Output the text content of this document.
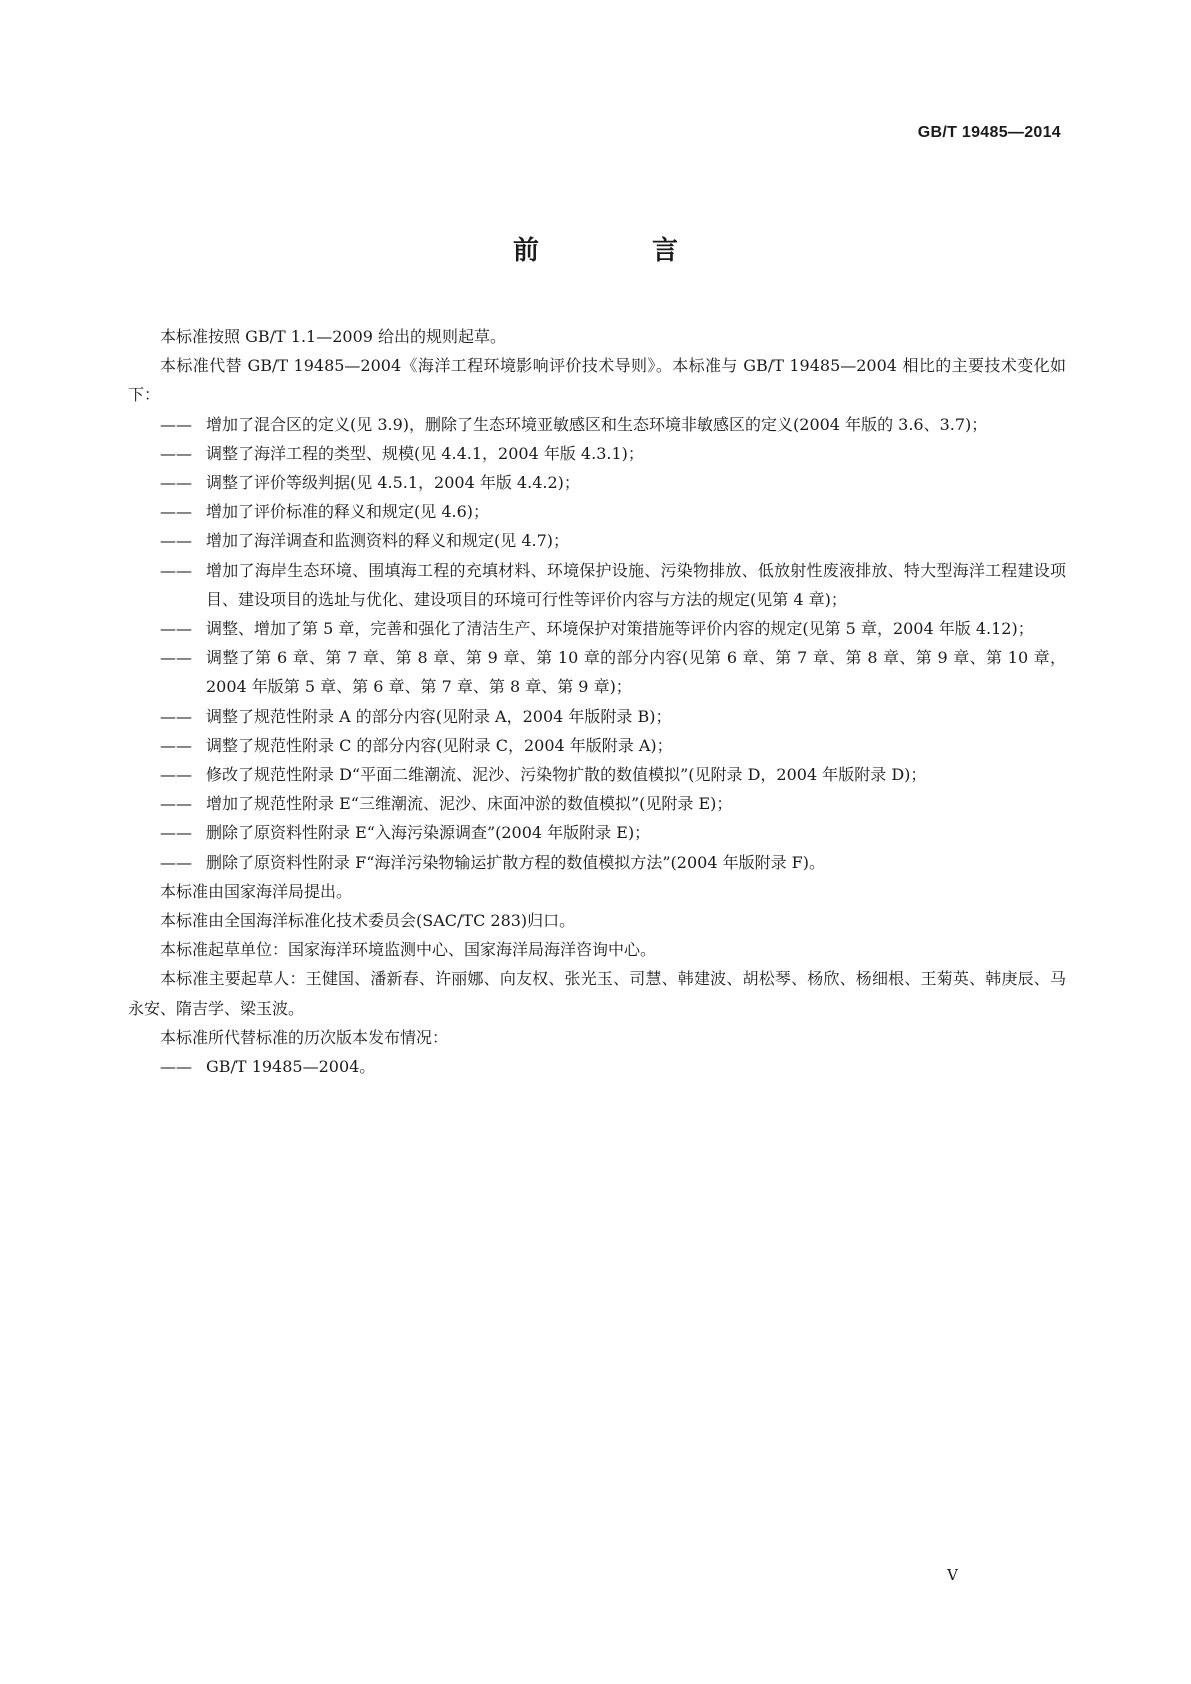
GB/T 19485—2014
前 言

本标准按照 GB/T 1.1—2009 给出的规则起草。

本标准代替 GB/T 19485—2004《海洋工程环境影响评价技术导则》。本标准与 GB/T 19485—2004 相比的主要技术变化如下：

—— 增加了混合区的定义(见 3.9)，删除了生态环境亚敏感区和生态环境非敏感区的定义(2004 年版的 3.6、3.7)；
—— 调整了海洋工程的类型、规模(见 4.4.1，2004 年版 4.3.1)；
—— 调整了评价等级判据(见 4.5.1，2004 年版 4.4.2)；
—— 增加了评价标准的释义和规定(见 4.6)；
—— 增加了海洋调查和监测资料的释义和规定(见 4.7)；
—— 增加了海岸生态环境、围填海工程的充填材料、环境保护设施、污染物排放、低放射性废液排放、特大型海洋工程建设项目、建设项目的选址与优化、建设项目的环境可行性等评价内容与方法的规定(见第 4 章)；
—— 调整、增加了第 5 章，完善和强化了清洁生产、环境保护对策措施等评价内容的规定(见第 5 章，2004 年版 4.12)；
—— 调整了第 6 章、第 7 章、第 8 章、第 9 章、第 10 章的部分内容(见第 6 章、第 7 章、第 8 章、第 9 章、第 10 章，2004 年版第 5 章、第 6 章、第 7 章、第 8 章、第 9 章)；
—— 调整了规范性附录 A 的部分内容(见附录 A，2004 年版附录 B)；
—— 调整了规范性附录 C 的部分内容(见附录 C，2004 年版附录 A)；
—— 修改了规范性附录 D“平面二维潮流、泥沙、污染物扩散的数值模拟”(见附录 D，2004 年版附录 D)；
—— 增加了规范性附录 E“三维潮流、泥沙、床面冲淤的数值模拟”(见附录 E)；
—— 删除了原资料性附录 E“入海污染源调查”(2004 年版附录 E)；
—— 删除了原资料性附录 F“海洋污染物输运扩散方程的数值模拟方法”(2004 年版附录 F)。

本标准由国家海洋局提出。

本标准由全国海洋标准化技术委员会(SAC/TC 283)归口。

本标准起草单位：国家海洋环境监测中心、国家海洋局海洋咨询中心。

本标准主要起草人：王健国、潘新春、许丽娜、向友权、张光玉、司慧、韩建波、胡松琴、杨欣、杨细根、王菊英、韩庚辰、马永安、隋吉学、梁玉波。

本标准所代替标准的历次版本发布情况：

—— GB/T 19485—2004。
V
